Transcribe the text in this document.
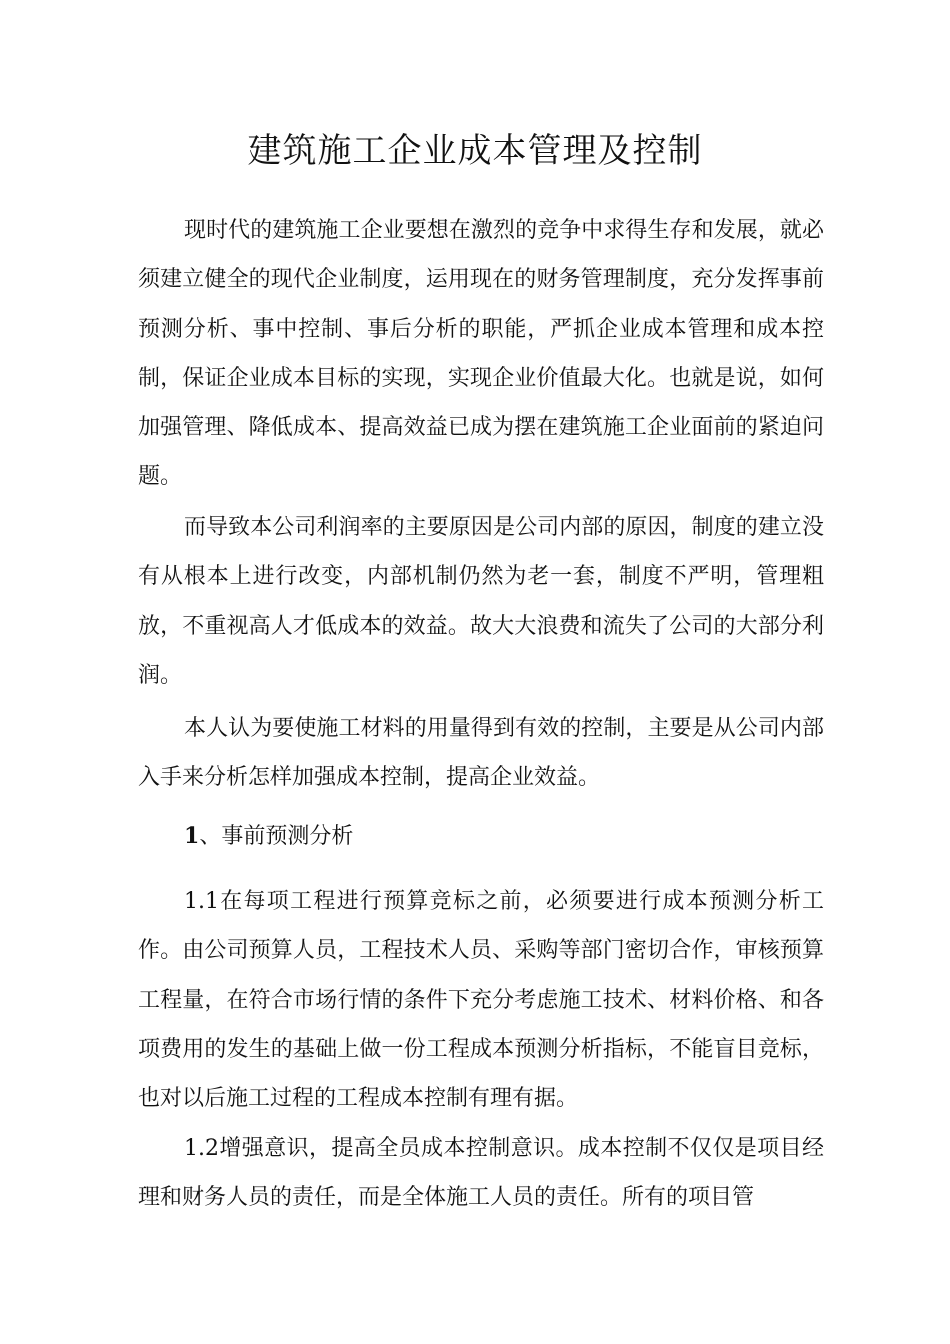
建筑施工企业成本管理及控制

现时代的建筑施工企业要想在激烈的竞争中求得生存和发展，就必须建立健全的现代企业制度，运用现在的财务管理制度，充分发挥事前预测分析、事中控制、事后分析的职能，严抓企业成本管理和成本控制，保证企业成本目标的实现，实现企业价值最大化。也就是说，如何加强管理、降低成本、提高效益已成为摆在建筑施工企业面前的紧迫问题。

而导致本公司利润率的主要原因是公司内部的原因，制度的建立没有从根本上进行改变，内部机制仍然为老一套，制度不严明，管理粗放，不重视高人才低成本的效益。故大大浪费和流失了公司的大部分利润。

本人认为要使施工材料的用量得到有效的控制，主要是从公司内部入手来分析怎样加强成本控制，提高企业效益。

1、事前预测分析

1.1在每项工程进行预算竞标之前，必须要进行成本预测分析工作。由公司预算人员，工程技术人员、采购等部门密切合作，审核预算工程量，在符合市场行情的条件下充分考虑施工技术、材料价格、和各项费用的发生的基础上做一份工程成本预测分析指标，不能盲目竞标，也对以后施工过程的工程成本控制有理有据。

1.2增强意识，提高全员成本控制意识。成本控制不仅仅是项目经理和财务人员的责任，而是全体施工人员的责任。所有的项目管
